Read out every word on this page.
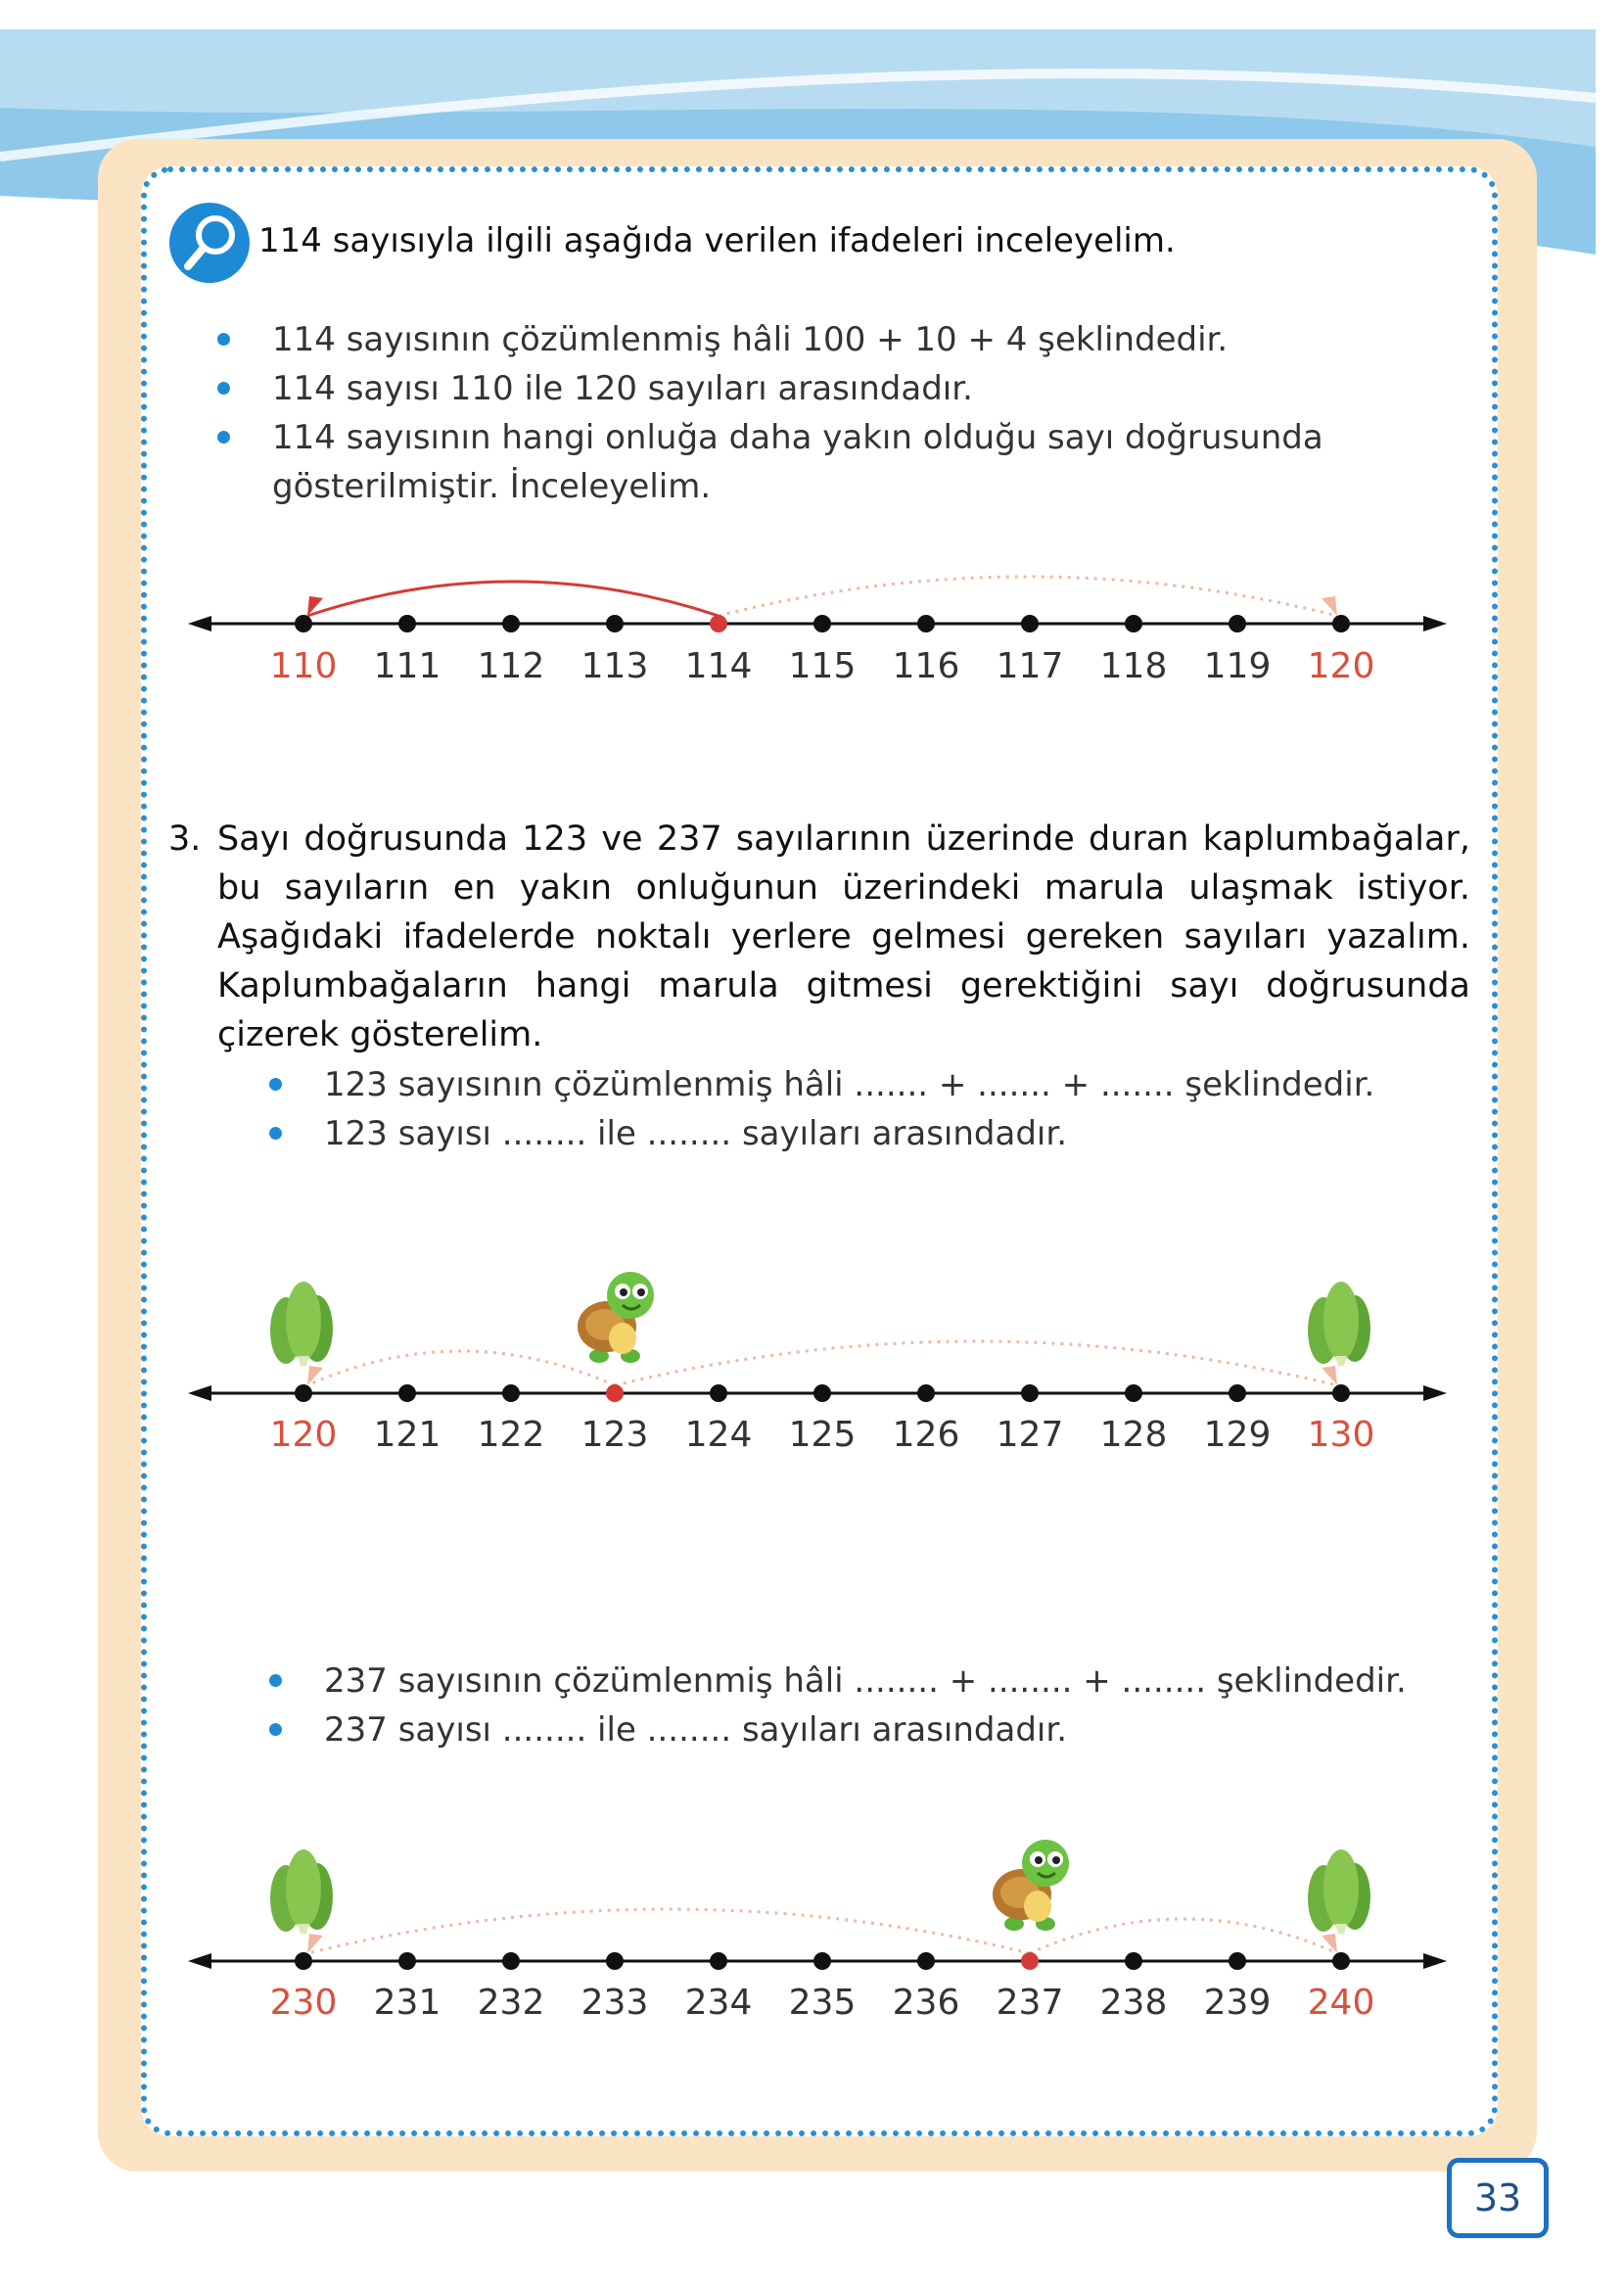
114 sayısıyla ilgili aşağıda verilen ifadeleri inceleyelim.
114 sayısının çözümlenmiş hâli 100 + 10 + 4 şeklindedir.
114 sayısı 110 ile 120 sayıları arasındadır.
114 sayısının hangi onluğa daha yakın olduğu sayı doğrusunda gösterilmiştir. İnceleyelim.
110 111 112 113 114 115 116 117 118 119 120
3. Sayı doğrusunda 123 ve 237 sayılarının üzerinde duran kaplumbağalar, bu sayıların en yakın onluğunun üzerindeki marula ulaşmak istiyor. Aşağıdaki ifadelerde noktalı yerlere gelmesi gereken sayıları yazalım. Kaplumbağaların hangi marula gitmesi gerektiğini sayı doğrusunda çizerek gösterelim.
123 sayısının çözümlenmiş hâli ....... + ....... + ....... şeklindedir.
123 sayısı ........ ile ........ sayıları arasındadır.
120 121 122 123 124 125 126 127 128 129 130
237 sayısının çözümlenmiş hâli ........ + ........ + ........ şeklindedir.
237 sayısı ........ ile ........ sayıları arasındadır.
230 231 232 233 234 235 236 237 238 239 240
33
